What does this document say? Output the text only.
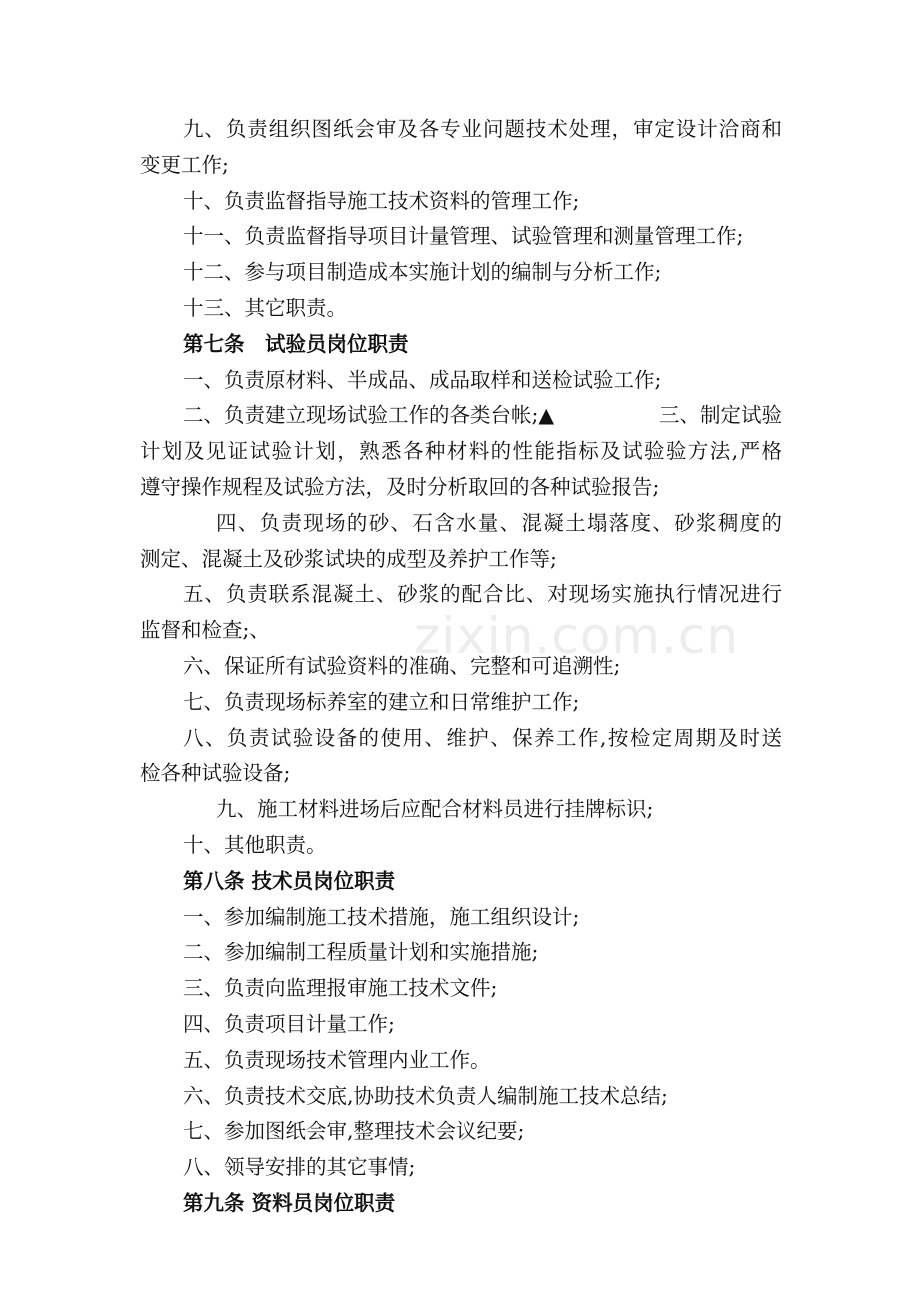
九、负责组织图纸会审及各专业问题技术处理，审定设计洽商和
变更工作;
十、负责监督指导施工技术资料的管理工作;
十一、负责监督指导项目计量管理、试验管理和测量管理工作;
十二、参与项目制造成本实施计划的编制与分析工作;
十三、其它职责。
第七条　试验员岗位职责
一、负责原材料、半成品、成品取样和送检试验工作;
二、负责建立现场试验工作的各类台帐;▲	三、制定试验
计划及见证试验计划，熟悉各种材料的性能指标及试验验方法,严格
遵守操作规程及试验方法，及时分析取回的各种试验报告;
四、负责现场的砂、石含水量、混凝土塌落度、砂浆稠度的
测定、混凝土及砂浆试块的成型及养护工作等;
五、负责联系混凝土、砂浆的配合比、对现场实施执行情况进行
监督和检查;、
六、保证所有试验资料的准确、完整和可追溯性;
七、负责现场标养室的建立和日常维护工作;
八、负责试验设备的使用、维护、保养工作,按检定周期及时送
检各种试验设备;
九、施工材料进场后应配合材料员进行挂牌标识;
十、其他职责。
第八条 技术员岗位职责
一、参加编制施工技术措施，施工组织设计;
二、参加编制工程质量计划和实施措施;
三、负责向监理报审施工技术文件;
四、负责项目计量工作;
五、负责现场技术管理内业工作。
六、负责技术交底,协助技术负责人编制施工技术总结;
七、参加图纸会审,整理技术会议纪要;
八、领导安排的其它事情;
第九条 资料员岗位职责
zixin.com.cn
